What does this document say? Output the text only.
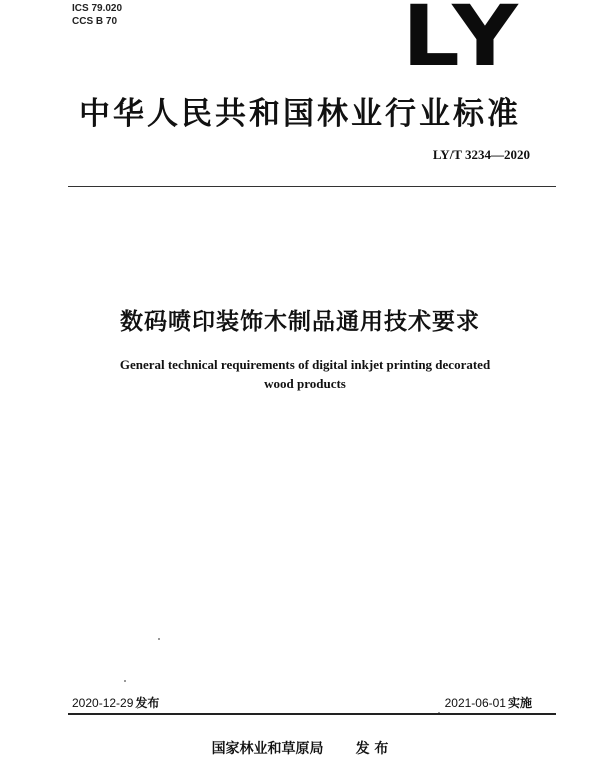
ICS 79.020
CCS B 70	LY
中华人民共和国林业行业标准
LY/T 3234—2020
数码喷印装饰木制品通用技术要求
General technical requirements of digital inkjet printing decorated
wood products
2020-12-29 发布	2021-06-01 实施
国家林业和草原局 发 布
